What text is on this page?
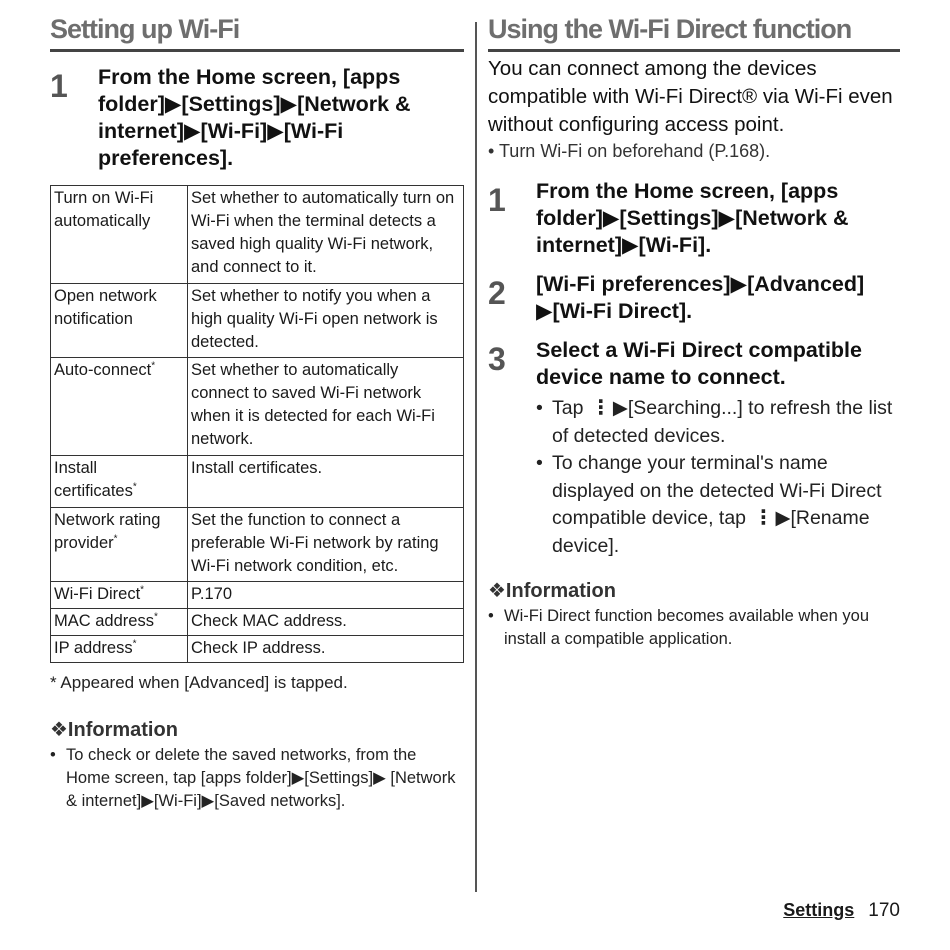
Setting up Wi-Fi
1	From the Home screen, [apps folder]▶[Settings]▶[Network & internet]▶[Wi-Fi]▶[Wi-Fi preferences].
Turn on Wi-Fi automatically	Set whether to automatically turn on Wi-Fi when the terminal detects a saved high quality Wi-Fi network, and connect to it.
Open network notification	Set whether to notify you when a high quality Wi-Fi open network is detected.
Auto-connect*	Set whether to automatically connect to saved Wi-Fi network when it is detected for each Wi-Fi network.
Install certificates*	Install certificates.
Network rating provider*	Set the function to connect a preferable Wi-Fi network by rating Wi-Fi network condition, etc.
Wi-Fi Direct*	P.170
MAC address*	Check MAC address.
IP address*	Check IP address.
* Appeared when [Advanced] is tapped.
❖Information
• To check or delete the saved networks, from the Home screen, tap [apps folder]▶[Settings]▶ [Network & internet]▶[Wi-Fi]▶[Saved networks].
Using the Wi-Fi Direct function
You can connect among the devices compatible with Wi-Fi Direct® via Wi-Fi even without configuring access point.
• Turn Wi-Fi on beforehand (P.168).
1	From the Home screen, [apps folder]▶[Settings]▶[Network & internet]▶[Wi-Fi].
2	[Wi-Fi preferences]▶[Advanced] ▶[Wi-Fi Direct].
3	Select a Wi-Fi Direct compatible device name to connect.
• Tap ⋮ ▶[Searching...] to refresh the list of detected devices.
• To change your terminal's name displayed on the detected Wi-Fi Direct compatible device, tap ⋮ ▶[Rename device].
❖Information
• Wi-Fi Direct function becomes available when you install a compatible application.
Settings 170
